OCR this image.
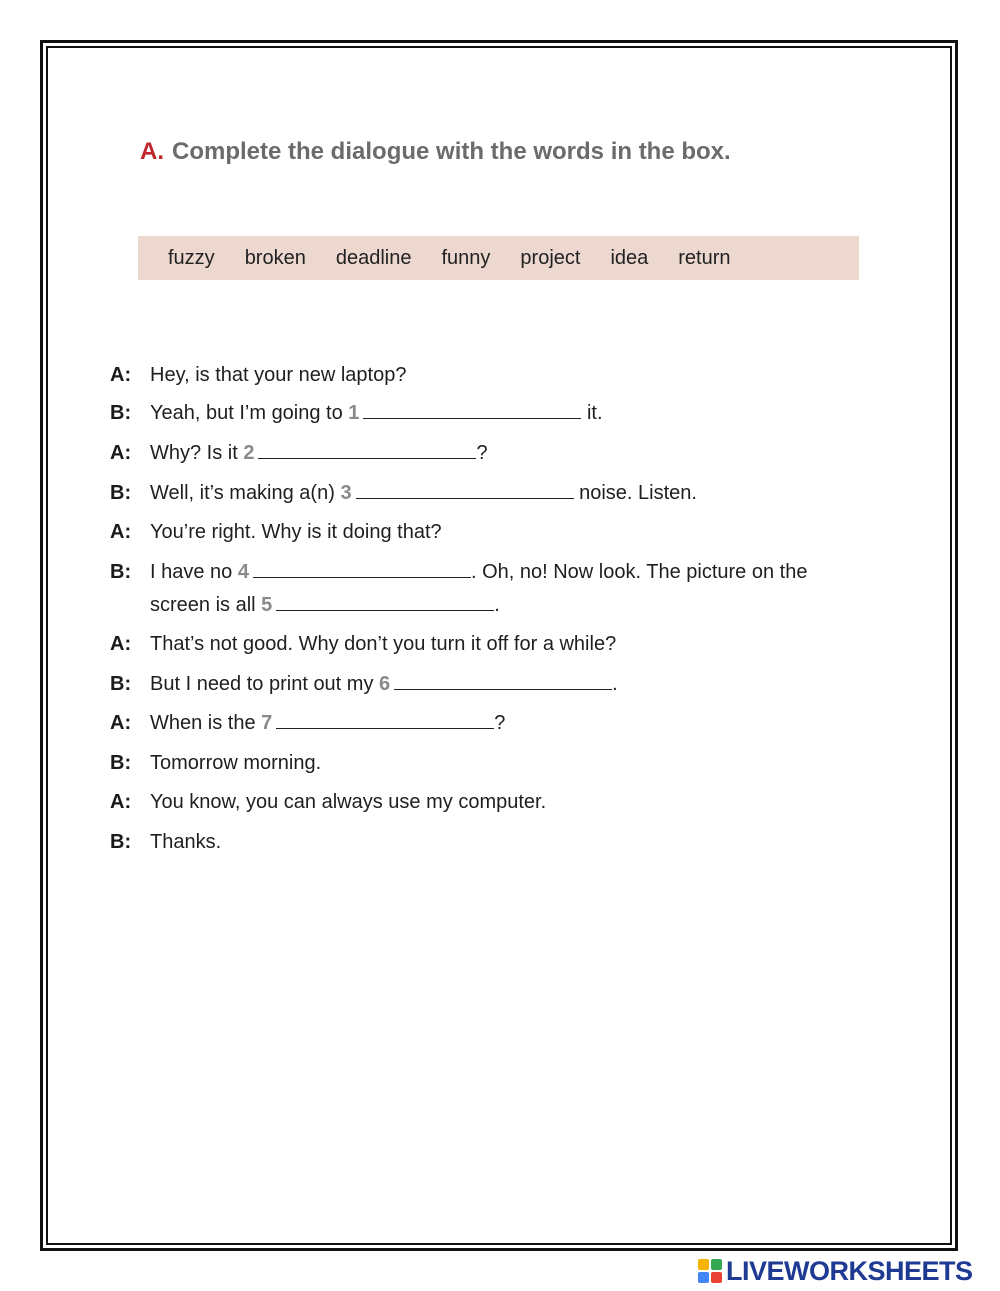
A. Complete the dialogue with the words in the box.
fuzzy broken deadline funny project idea return
A: Hey, is that your new laptop?
B: Yeah, but I’m going to 1	it.
A: Why? Is it 2	?
B: Well, it’s making a(n) 3	noise. Listen.
A: You’re right. Why is it doing that?
B: I have no 4	. Oh, no! Now look. The picture on the
screen is all 5	.
A: That’s not good. Why don’t you turn it off for a while?
B: But I need to print out my 6	.
A: When is the 7	?
B: Tomorrow morning.
A: You know, you can always use my computer.
B: Thanks.
LIVEWORKSHEETS
